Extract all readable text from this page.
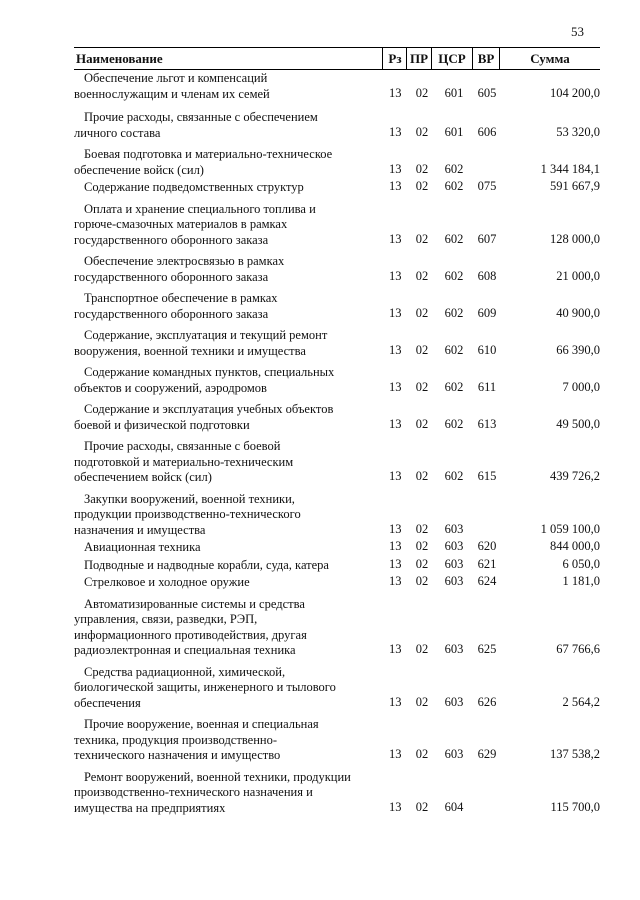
53
Наименование	Рз ПР ЦСР ВР	Сумма
Обеспечение льгот и компенсаций
военнослужащим и членам их семей	13 02 601 605	104 200,0
Прочие расходы, связанные с обеспечением
личного состава	13 02 601 606	53 320,0
Боевая подготовка и материально-техническое
обеспечение войск (сил)	13 02 602	1 344 184,1
Содержание подведомственных структур	13 02 602 075	591 667,9
Оплата и хранение специального топлива и
горюче-смазочных материалов в рамках
государственного оборонного заказа	13 02 602 607	128 000,0
Обеспечение электросвязью в рамках
государственного оборонного заказа	13 02 602 608	21 000,0
Транспортное обеспечение в рамках
государственного оборонного заказа	13 02 602 609	40 900,0
Содержание, эксплуатация и текущий ремонт
вооружения, военной техники и имущества	13 02 602 610	66 390,0
Содержание командных пунктов, специальных
объектов и сооружений, аэродромов	13 02 602	611	7 000,0
Содержание и эксплуатация учебных объектов
боевой и физической подготовки	13 02 602 613	49 500,0
Прочие расходы, связанные с боевой
подготовкой и материально-техническим
обеспечением войск (сил)	13 02 602 615	439 726,2
Закупки вооружений, военной техники,
продукции производственно-технического
назначения и имущества	13 02 603	1 059 100,0
Авиационная техника	13 02 603 620	844 000,0
Подводные и надводные корабли, суда, катера	13 02 603 621	6 050,0
Стрелковое и холодное оружие	13 02 603 624	1 181,0
Автоматизированные системы и средства
управления, связи, разведки, РЭП,
информационного противодействия, другая
радиоэлектронная и специальная техника	13 02 603 625	67 766,6
Средства радиационной, химической,
биологической защиты, инженерного и тылового
обеспечения	13 02 603 626	2 564,2
Прочие вооружение, военная и специальная
техника, продукция производственно-
технического назначения и имущество	13 02 603 629	137 538,2
Ремонт вооружений, военной техники, продукции
производственно-технического назначения и
имущества на предприятиях	13 02 604	115 700,0
